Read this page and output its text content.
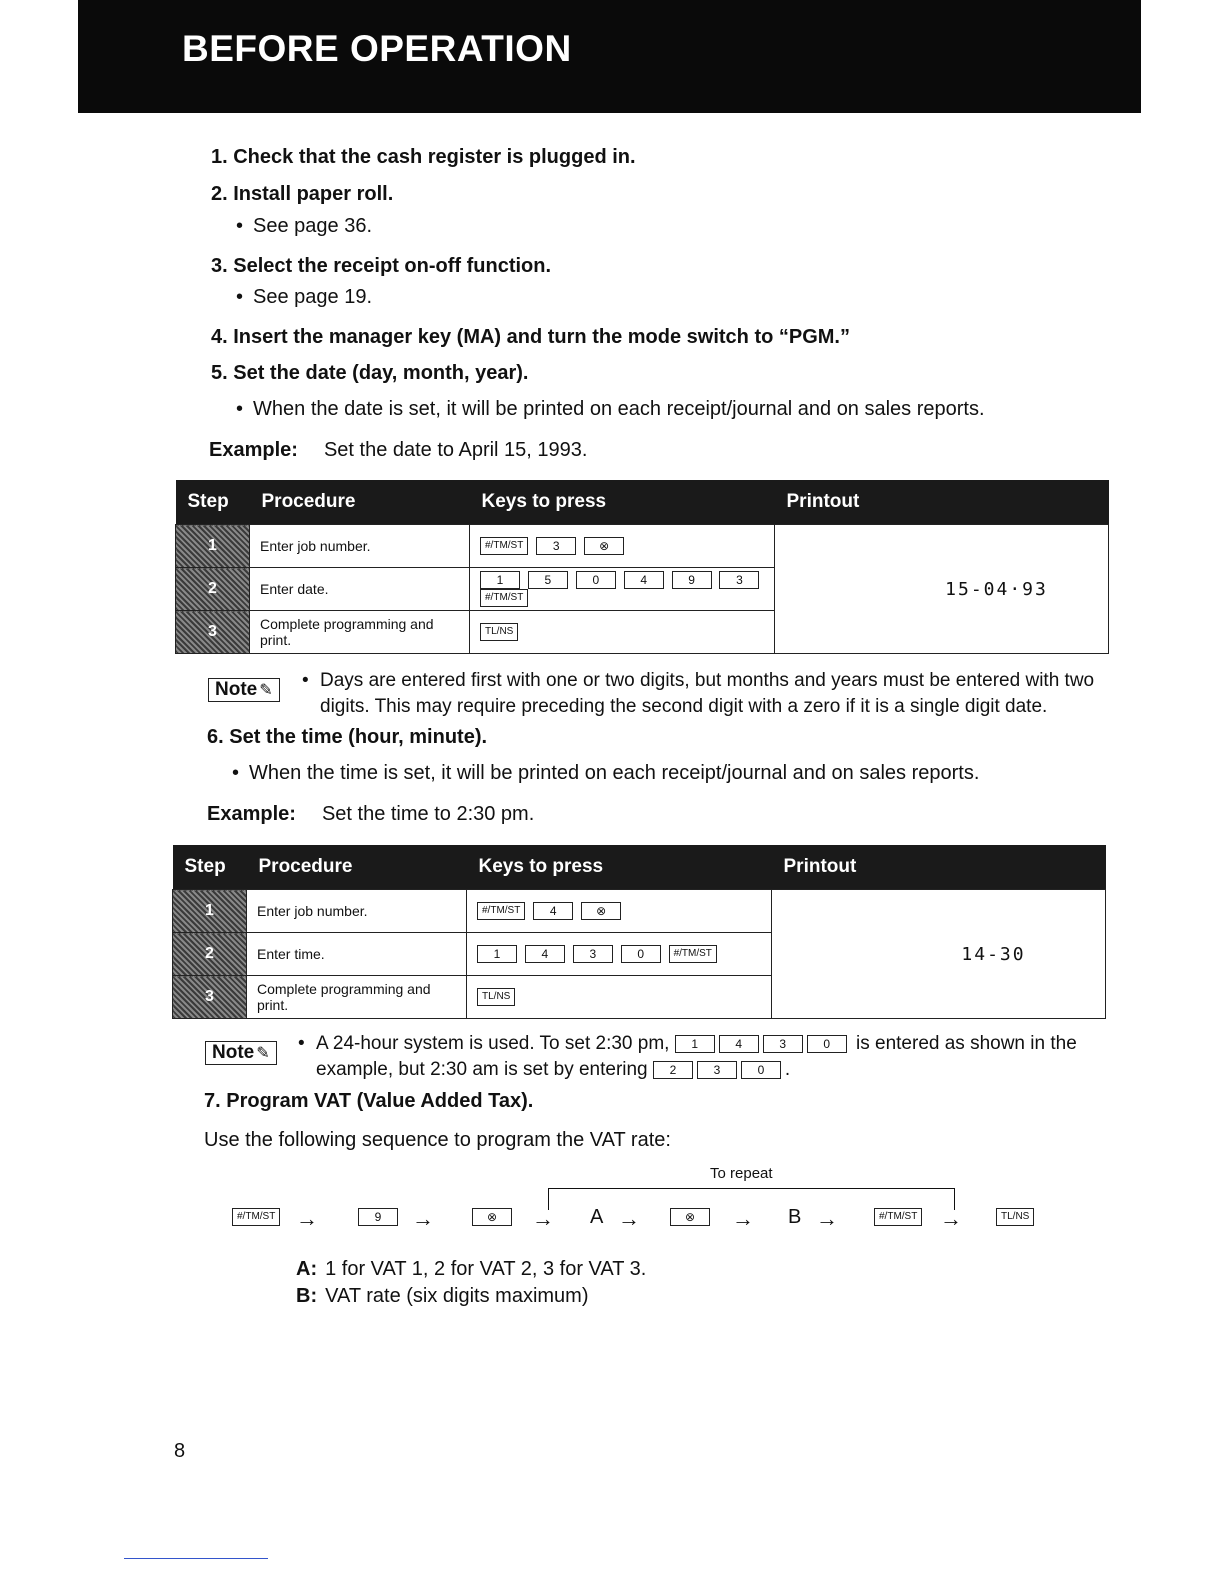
BEFORE OPERATION
1. Check that the cash register is plugged in.
2. Install paper roll.
• See page 36.
3. Select the receipt on-off function.
• See page 19.
4. Insert the manager key (MA) and turn the mode switch to “PGM.”
5. Set the date (day, month, year).
• When the date is set, it will be printed on each receipt/journal and on sales reports.
Example: Set the date to April 15, 1993.
Step	Procedure	Keys to press	Printout
1	Enter job number.	#/TM/ST 3 ⊗	15-04·93
2	Enter date.	1 5 0 4 9 3 #/TM/ST	
3	Complete programming and print.	TL/NS	
Note ✎	• Days are entered first with one or two digits, but months and years must be entered with two digits. This may require preceding the second digit with a zero if it is a single digit date.
6. Set the time (hour, minute).
• When the time is set, it will be printed on each receipt/journal and on sales reports.
Example: Set the time to 2:30 pm.
Step	Procedure	Keys to press	Printout
1	Enter job number.	#/TM/ST 4 ⊗	14-30
2	Enter time.	1 4 3 0 #/TM/ST	
3	Complete programming and print.	TL/NS	
Note ✎	• A 24-hour system is used. To set 2:30 pm, 1	4	3	0 is entered as shown in the example, but 2:30 am is set by entering 2	3	0 .
7. Program VAT (Value Added Tax).
Use the following sequence to program the VAT rate:
To repeat
#/TM/ST →	9	→	⊗	→ A →	⊗	→ B →	#/TM/ST →	TL/NS
A: 1 for VAT 1, 2 for VAT 2, 3 for VAT 3.
B: VAT rate (six digits maximum)
8
